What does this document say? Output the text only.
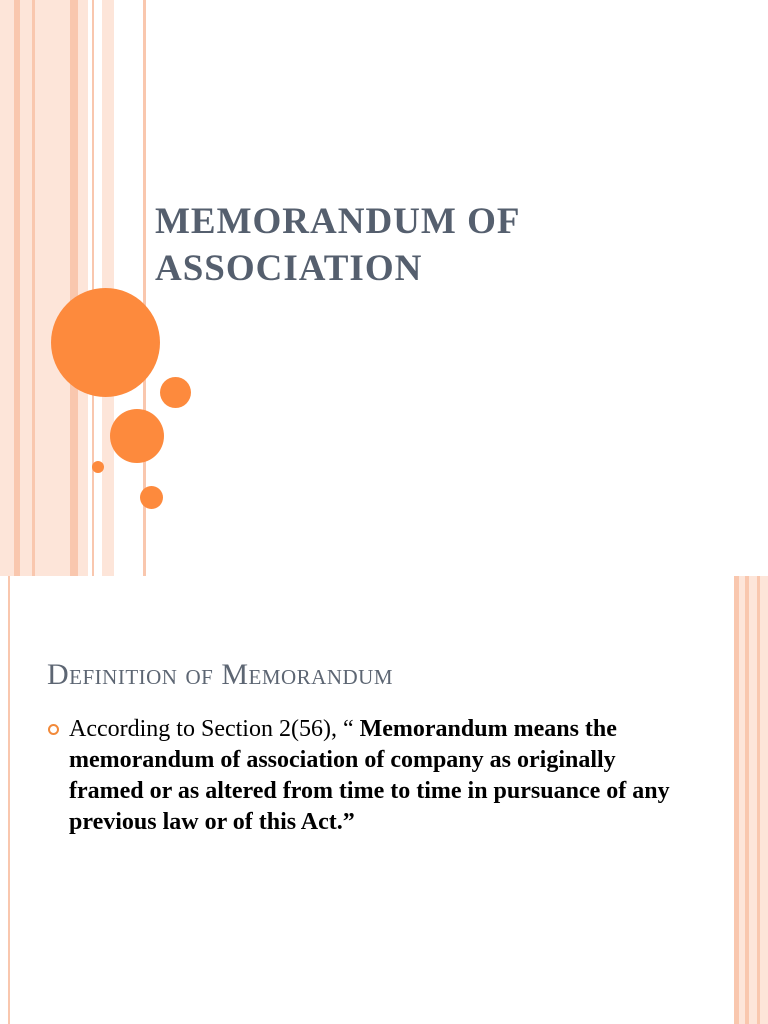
MEMORANDUM OF
ASSOCIATION
Definition of Memorandum
According to Section 2(56), “ Memorandum means the memorandum of association of company as originally framed or as altered from time to time in pursuance of any previous law or of this Act.”
